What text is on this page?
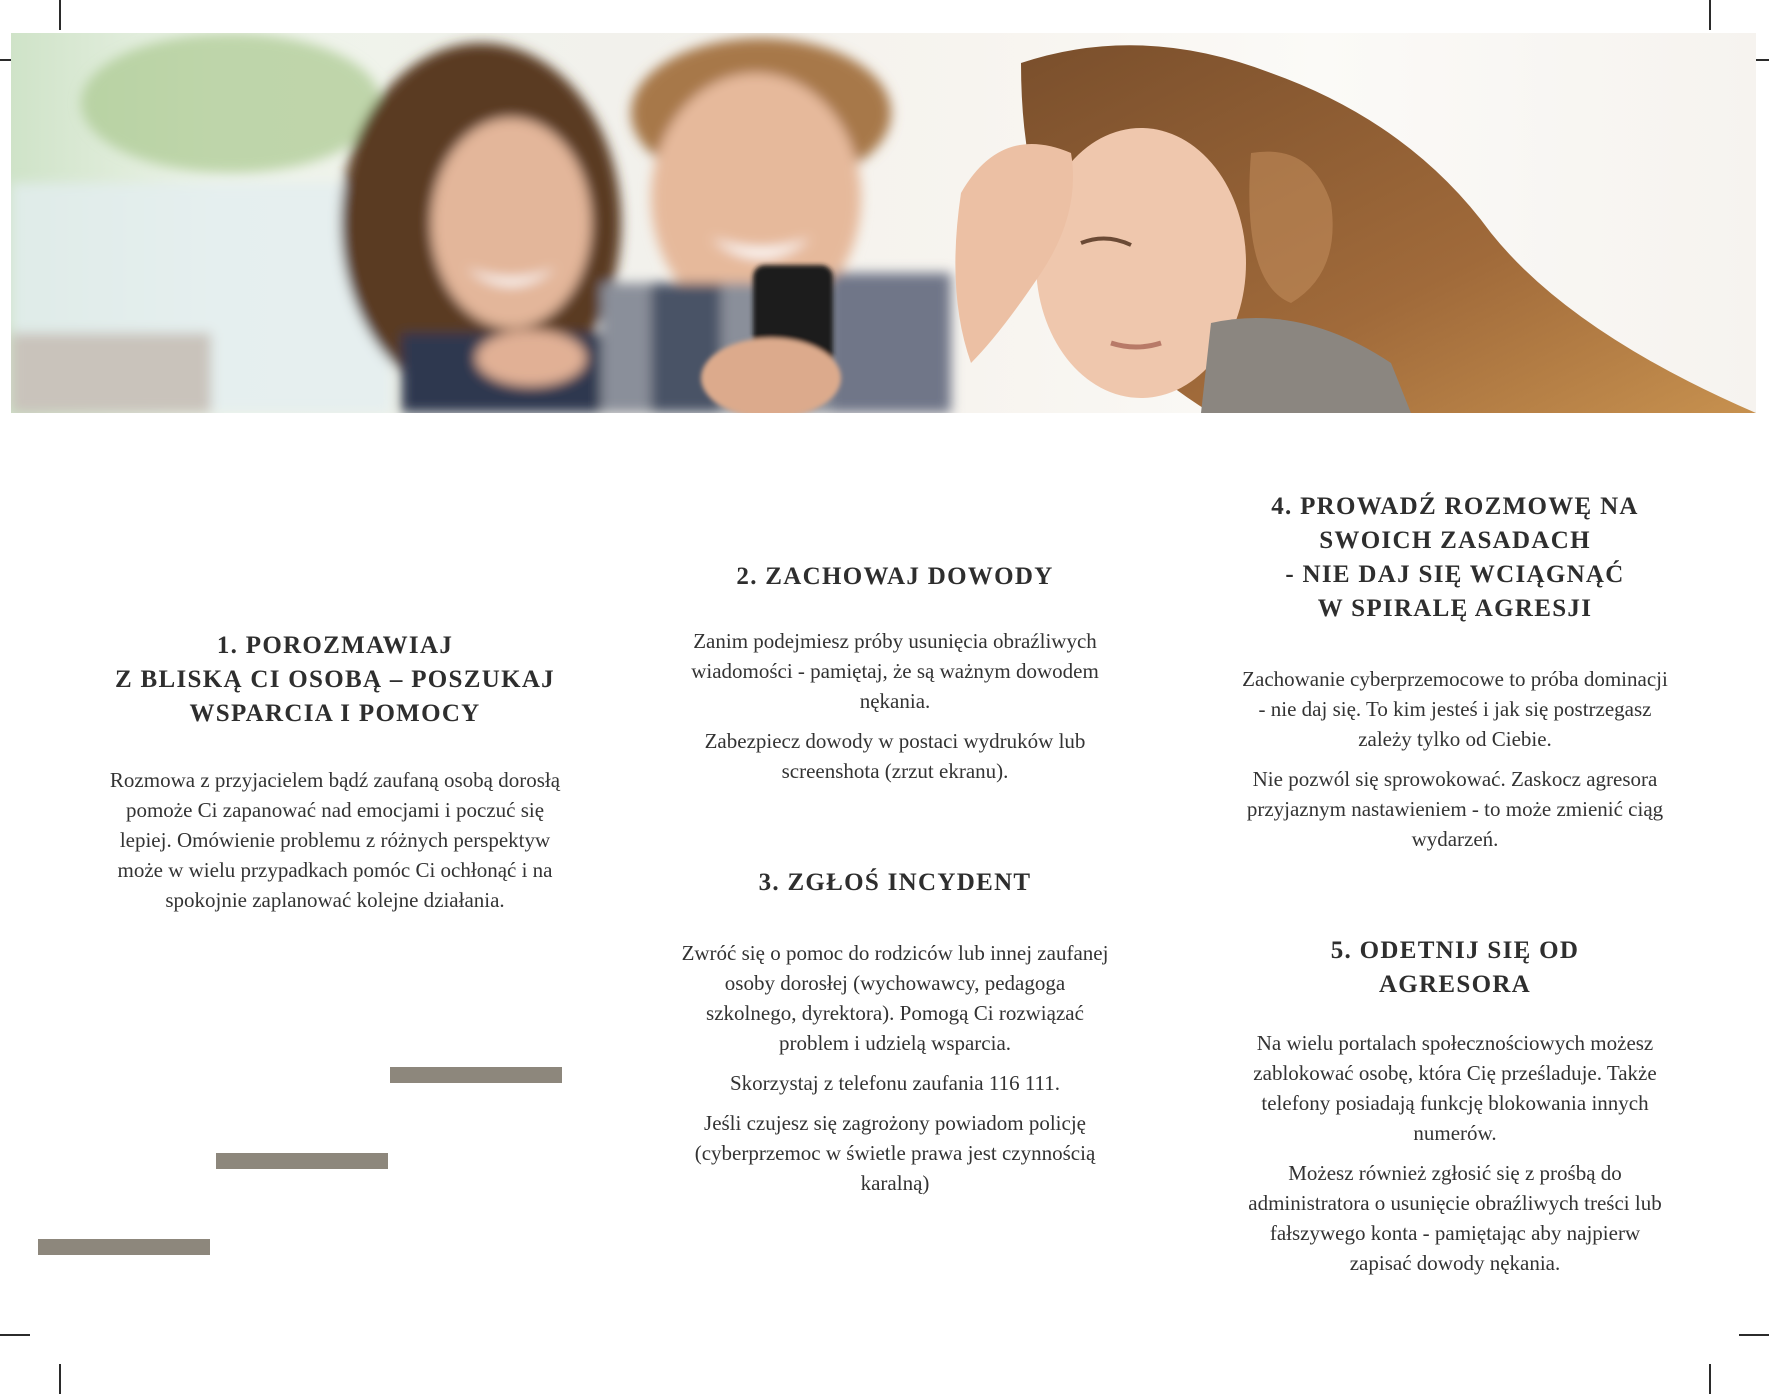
1. POROZMAWIAJ
Z BLISKĄ CI OSOBĄ – POSZUKAJ
WSPARCIA I POMOCY

Rozmowa z przyjacielem bądź zaufaną osobą dorosłą pomoże Ci zapanować nad emocjami i poczuć się lepiej. Omówienie problemu z różnych perspektyw może w wielu przypadkach pomóc Ci ochłonąć i na spokojnie zaplanować kolejne działania.

2. ZACHOWAJ DOWODY

Zanim podejmiesz próby usunięcia obraźliwych wiadomości - pamiętaj, że są ważnym dowodem nękania.

Zabezpiecz dowody w postaci wydruków lub screenshota (zrzut ekranu).

3. ZGŁOŚ INCYDENT

Zwróć się o pomoc do rodziców lub innej zaufanej osoby dorosłej (wychowawcy, pedagoga szkolnego, dyrektora). Pomogą Ci rozwiązać problem i udzielą wsparcia.

Skorzystaj z telefonu zaufania 116 111.

Jeśli czujesz się zagrożony powiadom policję (cyberprzemoc w świetle prawa jest czynnością karalną)

4. PROWADŹ ROZMOWĘ NA
SWOICH ZASADACH
- NIE DAJ SIĘ WCIĄGNĄĆ
W SPIRALĘ AGRESJI

Zachowanie cyberprzemocowe to próba dominacji - nie daj się. To kim jesteś i jak się postrzegasz zależy tylko od Ciebie.

Nie pozwól się sprowokować. Zaskocz agresora przyjaznym nastawieniem - to może zmienić ciąg wydarzeń.

5. ODETNIJ SIĘ OD
AGRESORA

Na wielu portalach społecznościowych możesz zablokować osobę, która Cię prześladuje. Także telefony posiadają funkcję blokowania innych numerów.

Możesz również zgłosić się z prośbą do administratora o usunięcie obraźliwych treści lub fałszywego konta - pamiętając aby najpierw zapisać dowody nękania.
